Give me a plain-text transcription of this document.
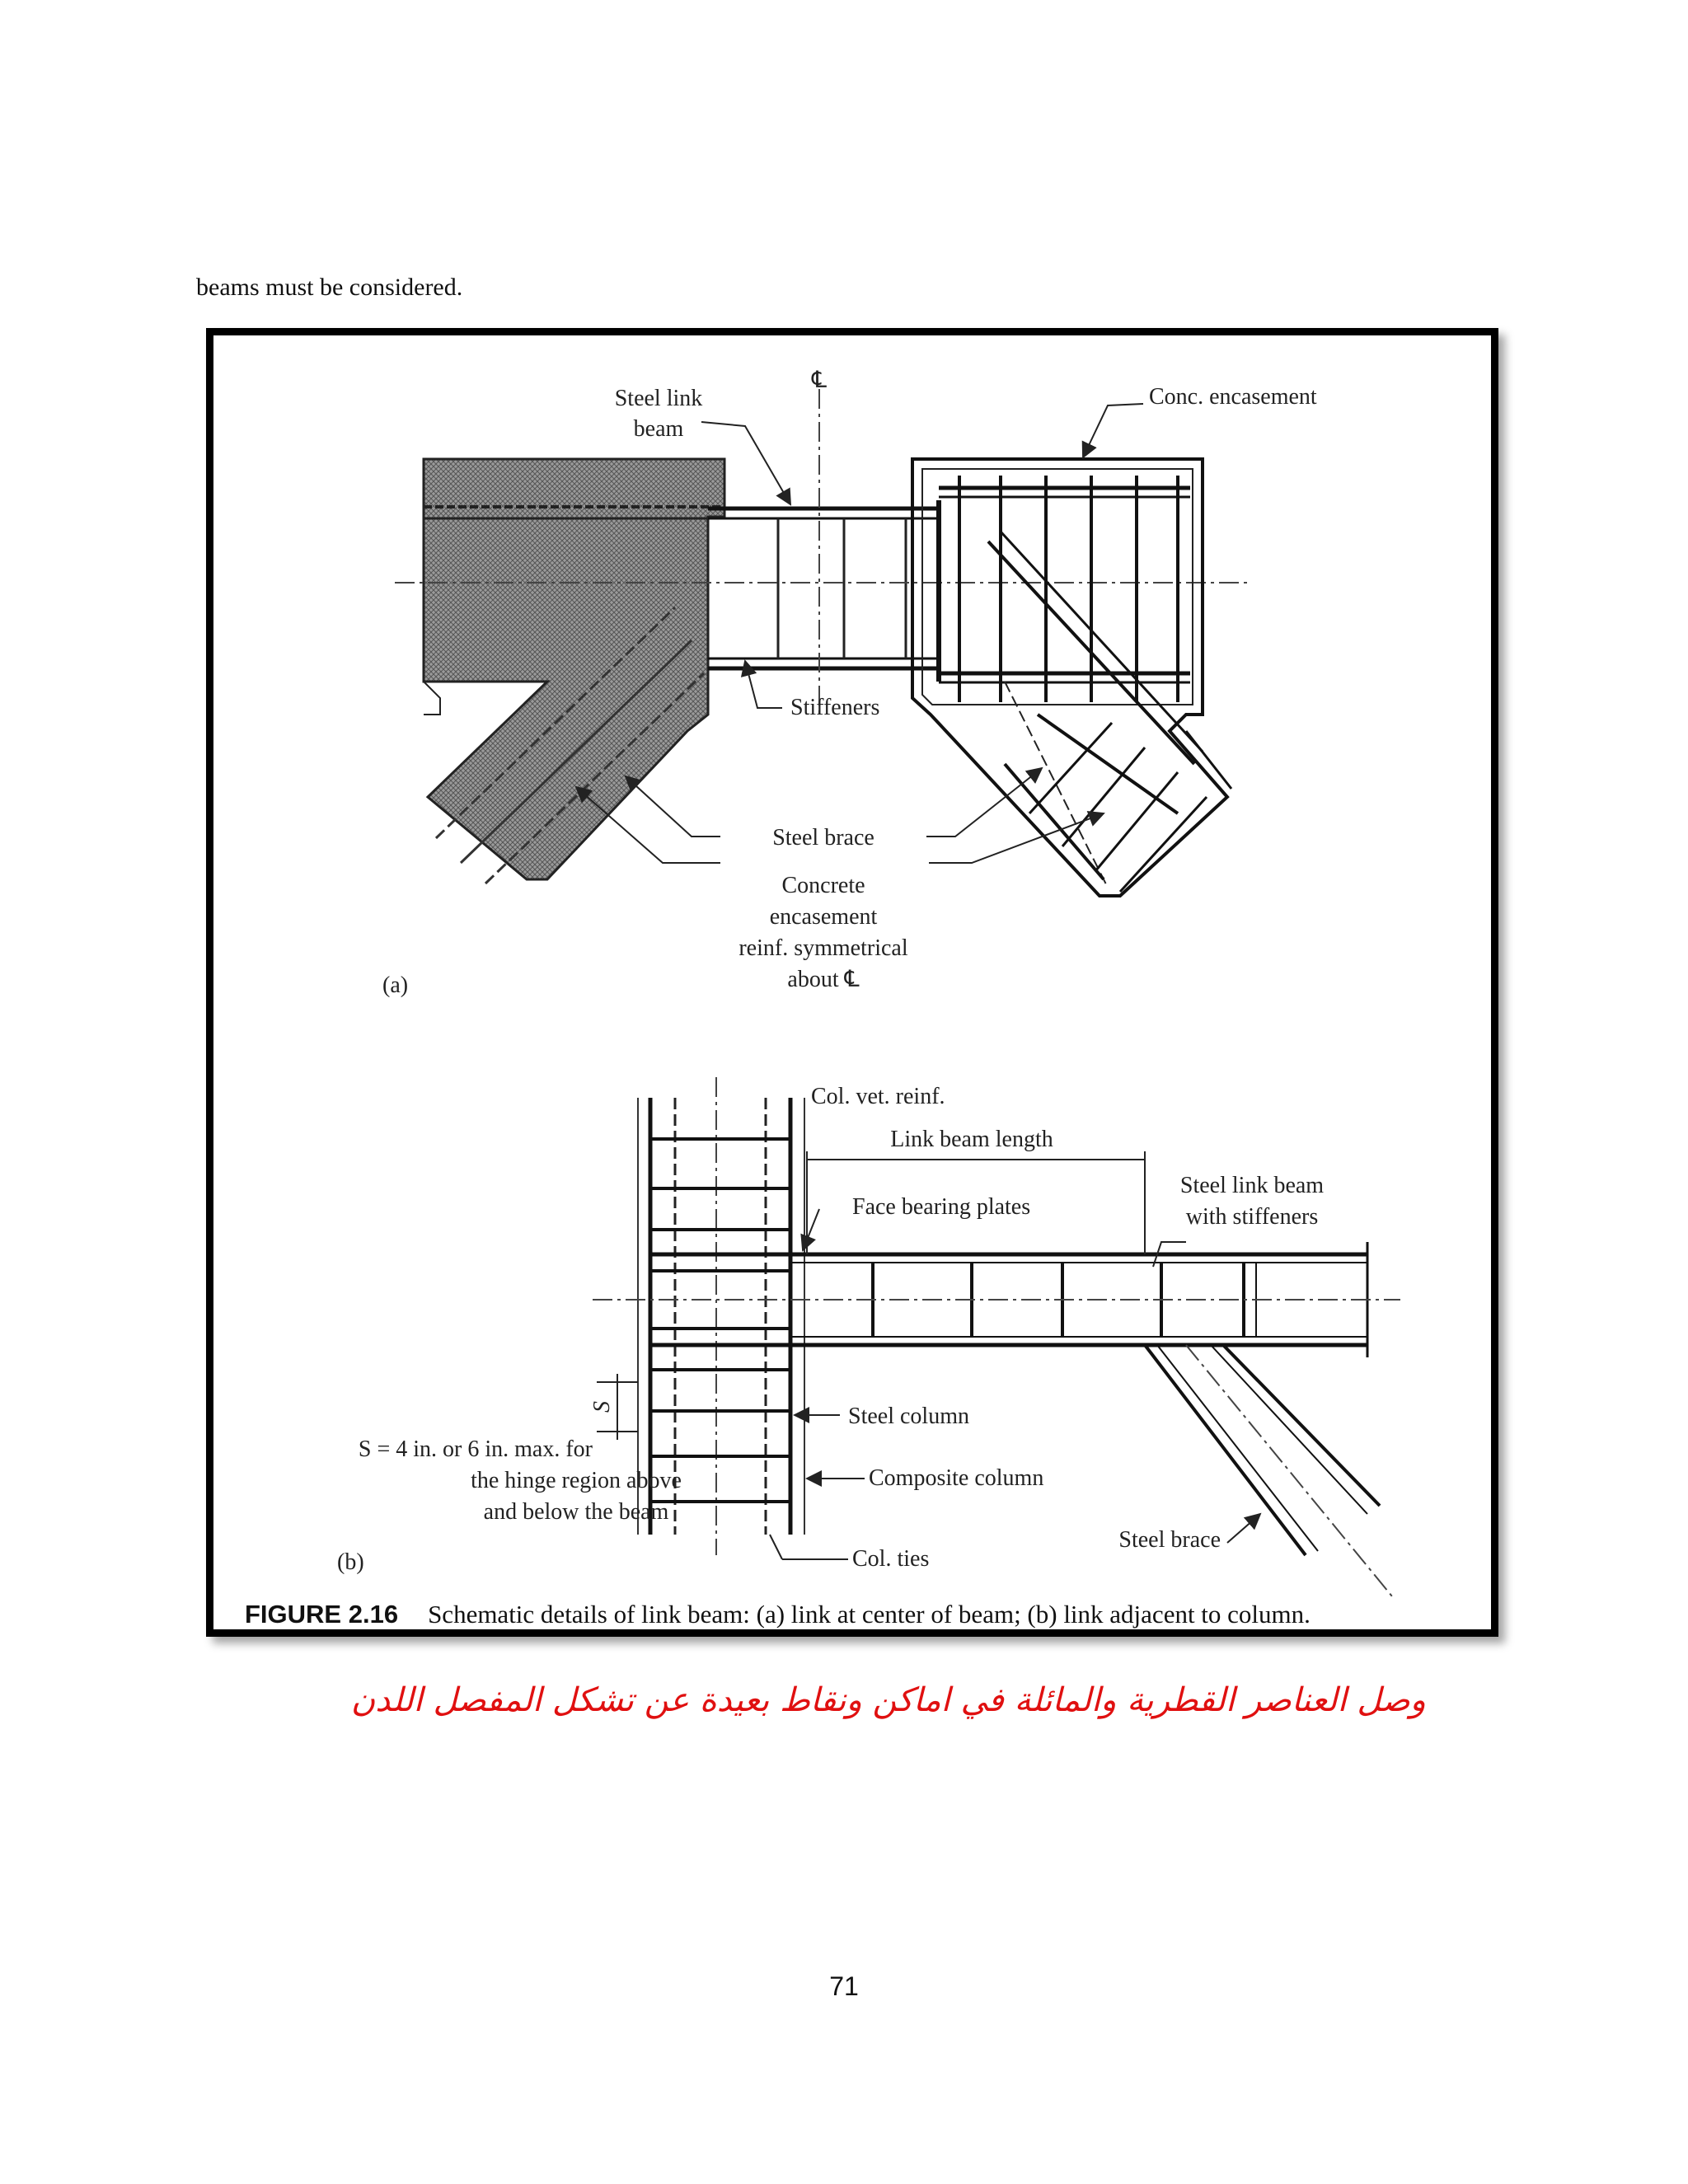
beams must be considered.
℄
Steel link
beam
Conc. encasement
Stiffeners
Steel brace
Concrete
encasement
reinf. symmetrical
about ℄
(a)
Col. vet. reinf.
Link beam length
Face bearing plates
Steel link beam
with stiffeners
S
S = 4 in. or 6 in. max. for
the hinge region above
and below the beam
Steel column
Composite column
Steel brace
Col. ties
(b)
FIGURE 2.16 Schematic details of link beam: (a) link at center of beam; (b) link adjacent to column.
وصل العناصر القطرية والمائلة في اماكن ونقاط بعيدة عن تشكل المفصل اللدن
71
